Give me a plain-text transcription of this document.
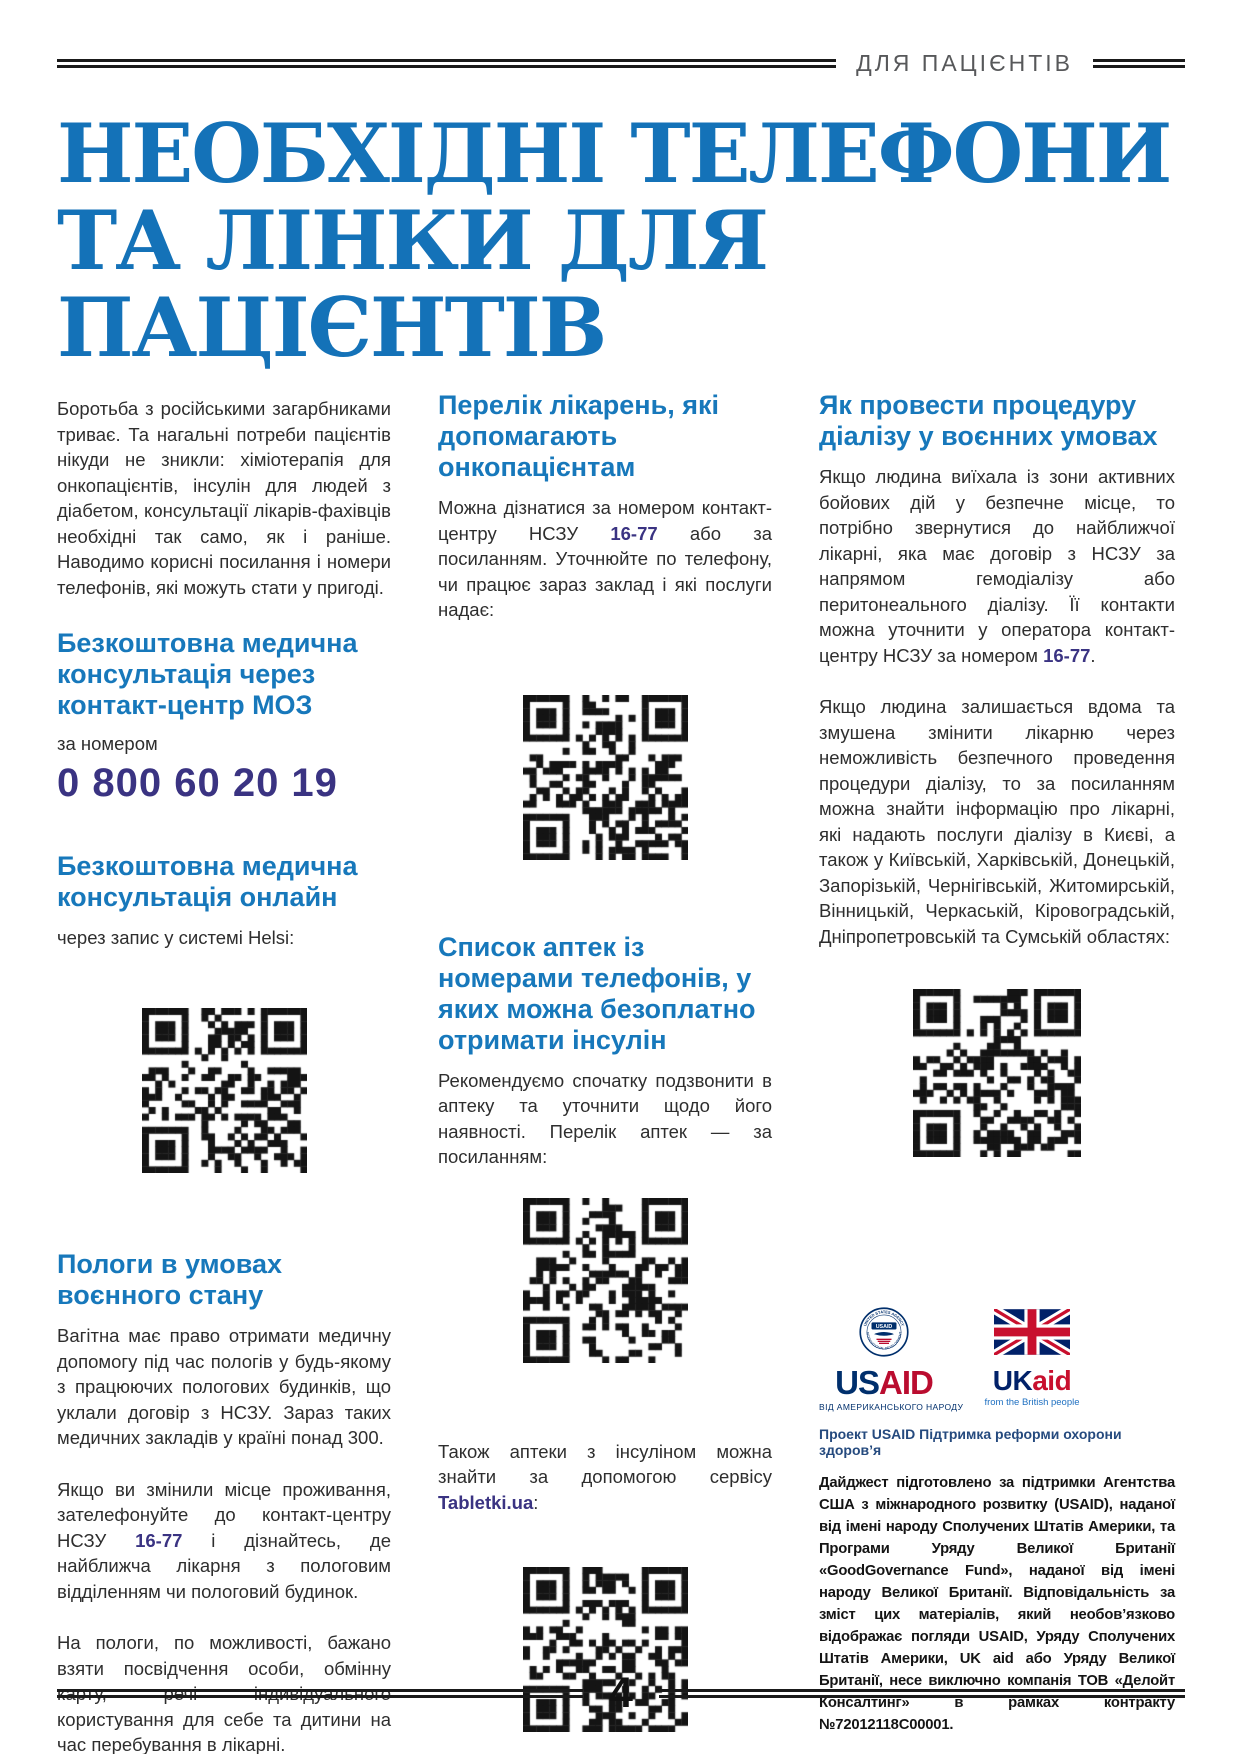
ДЛЯ ПАЦІЄНТІВ
НЕОБХІДНІ ТЕЛЕФОНИ
ТА ЛІНКИ ДЛЯ ПАЦІЄНТІВ

Боротьба з російськими загарбниками триває. Та нагальні потреби пацієнтів нікуди не зникли: хіміотерапія для онкопацієнтів, інсулін для людей з діабетом, консультації лікарів-фахівців необхідні так само, як і раніше. Наводимо корисні посилання і номери телефонів, які можуть стати у пригоді.

Безкоштовна медична консультація через контакт-центр МОЗ

за номером

0 800 60 20 19

Безкоштовна медична консультація онлайн

через запис у системі Helsi:

Пологи в умовах воєнного стану

Вагітна має право отримати медичну допомогу під час пологів у будь-якому з працюючих пологових будинків, що уклали договір з НСЗУ. Зараз таких медичних закладів у країні понад 300.

Якщо ви змінили місце проживання, зателефонуйте до контакт-центру НСЗУ 16-77 і дізнайтесь, де найближча лікарня з пологовим відділенням чи пологовий будинок.

На пологи, по можливості, бажано взяти посвідчення особи, обмінну карту, речі індивідуального користування для себе та дитини на час перебування в лікарні.

Перелік лікарень, які допомагають онкопацієнтам

Можна дізнатися за номером контакт-центру НСЗУ 16-77 або за посиланням. Уточнюйте по телефону, чи працює зараз заклад і які послуги надає:

Список аптек із номерами телефонів, у яких можна безоплатно отримати інсулін

Рекомендуємо спочатку подзвонити в аптеку та уточнити щодо його наявності. Перелік аптек — за посиланням:

Також аптеки з інсуліном можна знайти за допомогою сервісу Tabletki.ua:

Як провести процедуру діалізу у воєнних умовах

Якщо людина виїхала із зони активних бойових дій у безпечне місце, то потрібно звернутися до найближчої лікарні, яка має договір з НСЗУ за напрямом гемодіалізу або перитонеального діалізу. Її контакти можна уточнити у оператора контакт-центру НСЗУ за номером 16-77.

Якщо людина залишається вдома та змушена змінити лікарню через неможливість безпечного проведення процедури діалізу, то за посиланням можна знайти інформацію про лікарні, які надають послуги діалізу в Києві, а також у Київській, Харківській, Донецькій, Запорізькій, Чернігівській, Житомирській, Вінницькій, Черкаській, Кіровоградській, Дніпропетровській та Сумській областях:

UNITED STATES AGENCY
INTERNATIONAL DEVELOPMENT
USAID
USAID
ВІД АМЕРИКАНСЬКОГО НАРОДУ
UKaid
from the British people
Проект USAID Підтримка реформи охорони здоров’я

Дайджест підготовлено за підтримки Агентства США з міжнародного розвитку (USAID), наданої від імені народу Сполучених Штатів Америки, та Програми Уряду Великої Британії «GoodGovernance Fund», наданої від імені народу Великої Британії. Відповідальність за зміст цих матеріалів, який необов’язково відображає погляди USAID, Уряду Сполучених Штатів Америки, UK aid або Уряду Великої Британії, несе виключно компанія ТОВ «Делойт Консалтинг» в рамках контракту №72012118C00001.

4
